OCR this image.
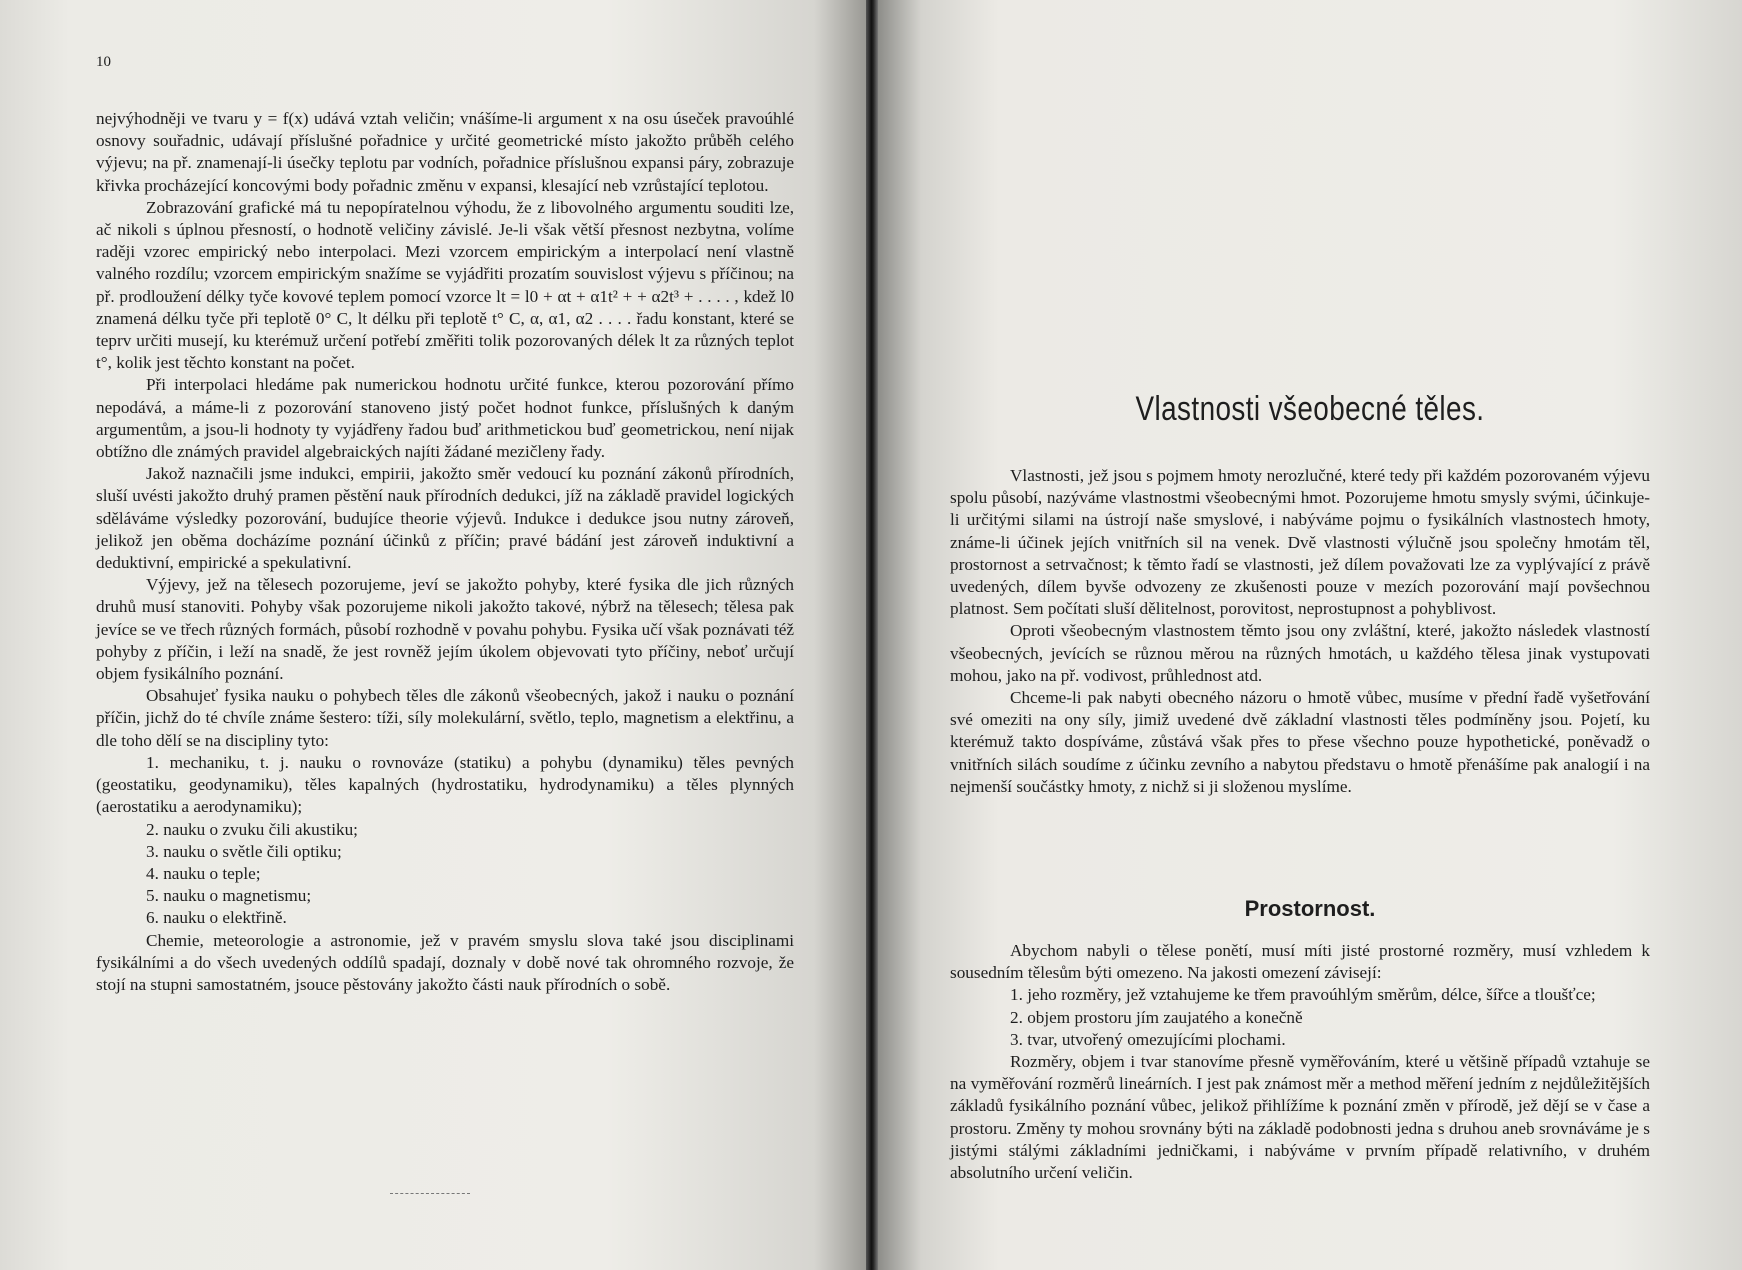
10

nejvýhodněji ve tvaru y = f(x) udává vztah veličin; vnášíme-li argument x na osu úseček pravoúhlé osnovy souřadnic, udávají příslušné pořadnice y určité geometrické místo jakožto průběh celého výjevu; na př. znamenají-li úsečky teplotu par vodních, pořadnice příslušnou expansi páry, zobrazuje křivka procházející koncovými body pořadnic změnu v expansi, klesající neb vzrůstající teplotou.

Zobrazování grafické má tu nepopíratelnou výhodu, že z libovolného argumentu souditi lze, ač nikoli s úplnou přesností, o hodnotě veličiny závislé. Je-li však větší přesnost nezbytna, volíme raději vzorec empirický nebo interpolaci. Mezi vzorcem empirickým a interpolací není vlastně valného rozdílu; vzorcem empirickým snažíme se vyjádřiti prozatím souvislost výjevu s příčinou; na př. prodloužení délky tyče kovové teplem pomocí vzorce lt = l0 + αt + α1t² + + α2t³ + . . . . , kdež l0 znamená délku tyče při teplotě 0° C, lt délku při teplotě t° C, α, α1, α2 . . . . řadu konstant, které se teprv určiti musejí, ku kterémuž určení potřebí změřiti tolik pozorovaných délek lt za různých teplot t°, kolik jest těchto konstant na počet.

Při interpolaci hledáme pak numerickou hodnotu určité funkce, kterou pozorování přímo nepodává, a máme-li z pozorování stanoveno jistý počet hodnot funkce, příslušných k daným argumentům, a jsou-li hodnoty ty vyjádřeny řadou buď arithmetickou buď geometrickou, není nijak obtížno dle známých pravidel algebraických najíti žádané mezičleny řady.

Jakož naznačili jsme indukci, empirii, jakožto směr vedoucí ku poznání zákonů přírodních, sluší uvésti jakožto druhý pramen pěstění nauk přírodních dedukci, jíž na základě pravidel logických sděláváme výsledky pozorování, budujíce theorie výjevů. Indukce i dedukce jsou nutny zároveň, jelikož jen oběma docházíme poznání účinků z příčin; pravé bádání jest zároveň induktivní a deduktivní, empirické a spekulativní.

Výjevy, jež na tělesech pozorujeme, jeví se jakožto pohyby, které fysika dle jich různých druhů musí stanoviti. Pohyby však pozorujeme nikoli jakožto takové, nýbrž na tělesech; tělesa pak jevíce se ve třech různých formách, působí rozhodně v povahu pohybu. Fysika učí však poznávati též pohyby z příčin, i leží na snadě, že jest rovněž jejím úkolem objevovati tyto příčiny, neboť určují objem fysikálního poznání.

Obsahujeť fysika nauku o pohybech těles dle zákonů všeobecných, jakož i nauku o poznání příčin, jichž do té chvíle známe šestero: tíži, síly molekulární, světlo, teplo, magnetism a elektřinu, a dle toho dělí se na discipliny tyto:

1. mechaniku, t. j. nauku o rovnováze (statiku) a pohybu (dynamiku) těles pevných (geostatiku, geodynamiku), těles kapalných (hydrostatiku, hydrodynamiku) a těles plynných (aerostatiku a aerodynamiku);

2. nauku o zvuku čili akustiku;

3. nauku o světle čili optiku;

4. nauku o teple;

5. nauku o magnetismu;

6. nauku o elektřině.

Chemie, meteorologie a astronomie, jež v pravém smyslu slova také jsou disciplinami fysikálními a do všech uvedených oddílů spadají, doznaly v době nové tak ohromného rozvoje, že stojí na stupni samostatném, jsouce pěstovány jakožto části nauk přírodních o sobě.

Vlastnosti všeobecné těles.

Vlastnosti, jež jsou s pojmem hmoty nerozlučné, které tedy při každém pozorovaném výjevu spolu působí, nazýváme vlastnostmi všeobecnými hmot. Pozorujeme hmotu smysly svými, účinkuje-li určitými silami na ústrojí naše smyslové, i nabýváme pojmu o fysikálních vlastnostech hmoty, známe-li účinek jejích vnitřních sil na venek. Dvě vlastnosti výlučně jsou společny hmotám těl, prostornost a setrvačnost; k těmto řadí se vlastnosti, jež dílem považovati lze za vyplývající z právě uvedených, dílem byvše odvozeny ze zkušenosti pouze v mezích pozorování mají povšechnou platnost. Sem počítati sluší dělitelnost, porovitost, neprostupnost a pohyblivost.

Oproti všeobecným vlastnostem těmto jsou ony zvláštní, které, jakožto následek vlastností všeobecných, jevících se různou měrou na různých hmotách, u každého tělesa jinak vystupovati mohou, jako na př. vodivost, průhlednost atd.

Chceme-li pak nabyti obecného názoru o hmotě vůbec, musíme v přední řadě vyšetřování své omeziti na ony síly, jimiž uvedené dvě základní vlastnosti těles podmíněny jsou. Pojetí, ku kterémuž takto dospíváme, zůstává však přes to přese všechno pouze hypothetické, poněvadž o vnitřních silách soudíme z účinku zevního a nabytou představu o hmotě přenášíme pak analogií i na nejmenší součástky hmoty, z nichž si ji složenou myslíme.

Prostornost.

Abychom nabyli o tělese ponětí, musí míti jisté prostorné rozměry, musí vzhledem k sousedním tělesům býti omezeno. Na jakosti omezení závisejí:

1. jeho rozměry, jež vztahujeme ke třem pravoúhlým směrům, délce, šířce a tloušťce;

2. objem prostoru jím zaujatého a konečně

3. tvar, utvořený omezujícími plochami.

Rozměry, objem i tvar stanovíme přesně vyměřováním, které u většině případů vztahuje se na vyměřování rozměrů lineárních. I jest pak známost měr a method měření jedním z nejdůležitějších základů fysikálního poznání vůbec, jelikož přihlížíme k poznání změn v přírodě, jež dějí se v čase a prostoru. Změny ty mohou srovnány býti na základě podobnosti jedna s druhou aneb srovnáváme je s jistými stálými základními jedničkami, i nabýváme v prvním případě relativního, v druhém absolutního určení veličin.
